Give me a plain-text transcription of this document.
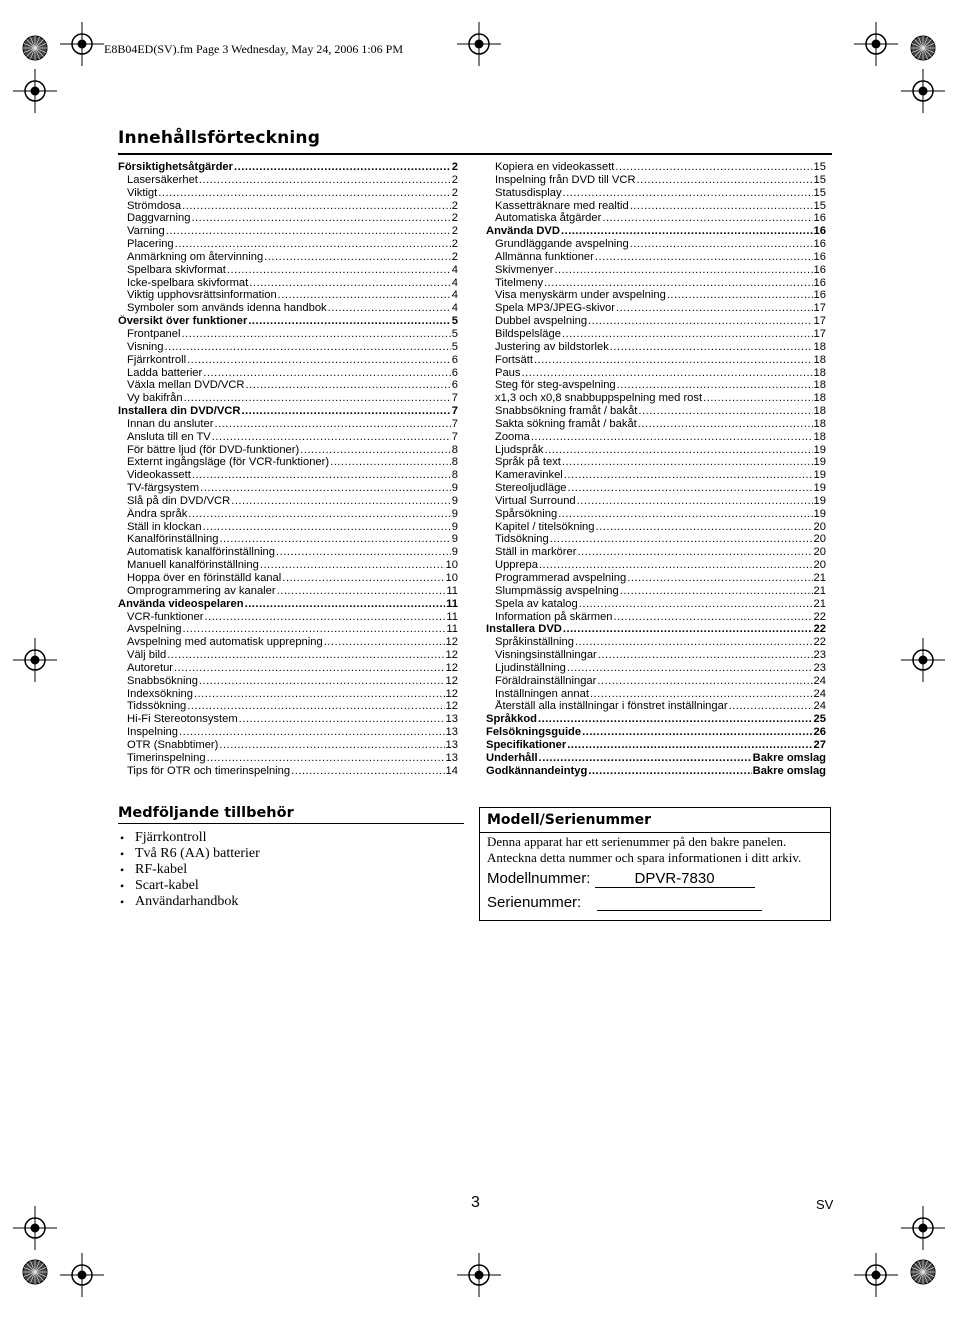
E8B04ED(SV).fm Page 3 Wednesday, May 24, 2006 1:06 PM
Innehållsförteckning
Försiktighetsåtgärder .....	2
Lasersäkerhet .....	2
Viktigt .....	2
Strömdosa .....	2
Daggvarning .....	2
Varning .....	2
Placering .....	2
Anmärkning om återvinning .....	2
Spelbara skivformat .....	4
Icke-spelbara skivformat .....	4
Viktig upphovsrättsinformation .....	4
Symboler som används idenna handbok .....	4
Översikt över funktioner .....	5
Frontpanel .....	5
Visning .....	5
Fjärrkontroll .....	6
Ladda batterier .....	6
Växla mellan DVD/VCR .....	6
Vy bakifrån .....	7
Installera din DVD/VCR .....	7
Innan du ansluter .....	7
Ansluta till en TV .....	7
För bättre ljud (för DVD-funktioner) .....	8
Externt ingångsläge (för VCR-funktioner) .....	8
Videokassett .....	8
TV-färgsystem .....	9
Slå på din DVD/VCR .....	9
Ändra språk .....	9
Ställ in klockan .....	9
Kanalförinställning .....	9
Automatisk kanalförinställning .....	9
Manuell kanalförinställning .....	10
Hoppa över en förinställd kanal .....	10
Omprogrammering av kanaler .....	11
Använda videospelaren .....	11
VCR-funktioner .....	11
Avspelning .....	11
Avspelning med automatisk upprepning .....	12
Välj bild .....	12
Autoretur .....	12
Snabbsökning .....	12
Indexsökning .....	12
Tidssökning .....	12
Hi-Fi Stereotonsystem .....	13
Inspelning .....	13
OTR (Snabbtimer) .....	13
Timerinspelning .....	13
Tips för OTR och timerinspelning .....	14
Kopiera en videokassett .....	15
Inspelning från DVD till VCR .....	15
Statusdisplay .....	15
Kassetträknare med realtid .....	15
Automatiska åtgärder .....	16
Använda DVD .....	16
Grundläggande avspelning .....	16
Allmänna funktioner .....	16
Skivmenyer .....	16
Titelmeny .....	16
Visa menyskärm under avspelning .....	16
Spela MP3/JPEG-skivor .....	17
Dubbel avspelning .....	17
Bildspelsläge .....	17
Justering av bildstorlek .....	18
Fortsätt .....	18
Paus .....	18
Steg för steg-avspelning .....	18
x1,3 och x0,8 snabbuppspelning med rost .....	18
Snabbsökning framåt / bakåt .....	18
Sakta sökning framåt / bakåt .....	18
Zooma .....	18
Ljudspråk .....	19
Språk på text .....	19
Kameravinkel .....	19
Stereoljudläge .....	19
Virtual Surround .....	19
Spårsökning .....	19
Kapitel / titelsökning .....	20
Tidsökning .....	20
Ställ in markörer .....	20
Upprepa .....	20
Programmerad avspelning .....	21
Slumpmässig avspelning .....	21
Spela av katalog .....	21
Information på skärmen .....	22
Installera DVD .....	22
Språkinställning .....	22
Visningsinställningar .....	23
Ljudinställning .....	23
Föräldrainställningar .....	24
Inställningen annat .....	24
Återställ alla inställningar i fönstret inställningar .....	24
Språkkod .....	25
Felsökningsguide .....	26
Specifikationer .....	27
Underhåll .....	Bakre omslag
Godkännandeintyg .....	Bakre omslag
Medföljande tillbehör
• Fjärrkontroll
• Två R6 (AA) batterier
• RF-kabel
• Scart-kabel
• Användarhandbok
Modell/Serienummer
Denna apparat har ett serienummer på den bakre panelen. Anteckna detta nummer och spara informationen i ditt arkiv.
Modellnummer:	DPVR-7830
Serienummer:
3	SV
